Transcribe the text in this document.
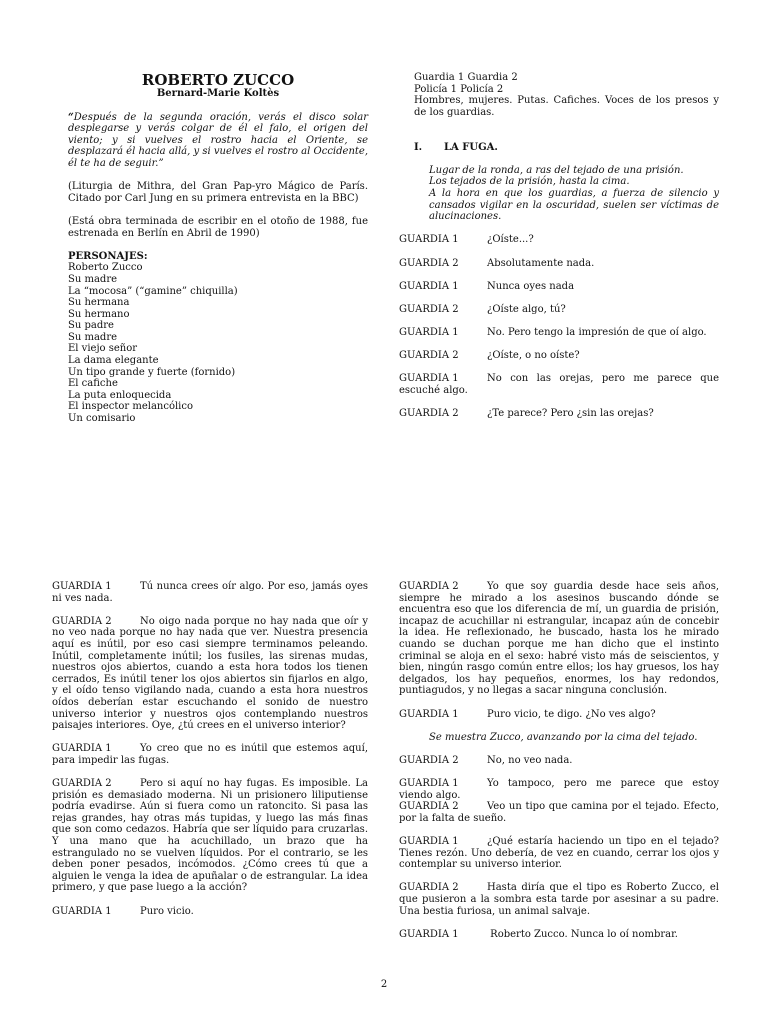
ROBERTO ZUCCO

Bernard-Marie Koltès

“Después de la segunda oración, verás el disco solar desplegarse y verás colgar de él el falo, el origen del viento; y si vuelves el rostro hacia el Oriente, se desplazará él hacia allá, y si vuelves el rostro al Occidente, él te ha de seguir.”

(Liturgia de Mithra, del Gran Pap-yro Mágico de París. Citado por Carl Jung en su primera entrevista en la BBC)

(Está obra terminada de escribir en el otoño de 1988, fue estrenada en Berlín en Abril de 1990)

PERSONAJES:

Roberto Zucco
Su madre
La “mocosa” (“gamine” chiquilla)
Su hermana
Su hermano
Su padre
Su madre
El viejo señor
La dama elegante
Un tipo grande y fuerte (fornido)
El cafiche
La puta enloquecida
El inspector melancólico
Un comisario
Guardia 1 Guardia 2
Policía 1 Policía 2
Hombres, mujeres. Putas. Cafiches. Voces de los presos y de los guardias.

I. LA FUGA.

Lugar de la ronda, a ras del tejado de una prisión.

Los tejados de la prisión, hasta la cima.

A la hora en que los guardias, a fuerza de silencio y cansados vigilar en la oscuridad, suelen ser víctimas de alucinaciones.

GUARDIA 1	¿Oíste...?

GUARDIA 2	Absolutamente nada.

GUARDIA 1	Nunca oyes nada

GUARDIA 2	¿Oíste algo, tú?

GUARDIA 1	No. Pero tengo la impresión de que oí algo.

GUARDIA 2	¿Oíste, o no oíste?

GUARDIA 1	No con las orejas, pero me parece que escuché algo.

GUARDIA 2	¿Te parece? Pero ¿sin las orejas?

GUARDIA 1	Tú nunca crees oír algo. Por eso, jamás oyes ni ves nada.

GUARDIA 2	No oigo nada porque no hay nada que oír y no veo nada porque no hay nada que ver. Nuestra presencia aquí es inútil, por eso casi siempre terminamos peleando. Inútil, completamente inútil; los fusiles, las sirenas mudas, nuestros ojos abiertos, cuando a esta hora todos los tienen cerrados, Es inútil tener los ojos abiertos sin fijarlos en algo, y el oído tenso vigilando nada, cuando a esta hora nuestros oídos deberían estar escuchando el sonido de nuestro universo interior y nuestros ojos contemplando nuestros paisajes interiores. Oye, ¿tú crees en el universo interior?

GUARDIA 1	Yo creo que no es inútil que estemos aquí, para impedir las fugas.

GUARDIA 2	Pero si aquí no hay fugas. Es imposible. La prisión es demasiado moderna. Ni un prisionero liliputiense podría evadirse. Aún si fuera como un ratoncito. Si pasa las rejas grandes, hay otras más tupidas, y luego las más finas que son como cedazos. Habría que ser líquido para cruzarlas. Y una mano que ha acuchillado, un brazo que ha estrangulado no se vuelven líquidos. Por el contrario, se les deben poner pesados, incómodos. ¿Cómo crees tú que a alguien le venga la idea de apuñalar o de estrangular. La idea primero, y que pase luego a la acción?

GUARDIA 1	Puro vicio.

GUARDIA 2	Yo que soy guardia desde hace seis años, siempre he mirado a los asesinos buscando dónde se encuentra eso que los diferencia de mí, un guardia de prisión, incapaz de acuchillar ni estrangular, incapaz aún de concebir la idea. He reflexionado, he buscado, hasta los he mirado cuando se duchan porque me han dicho que el instinto criminal se aloja en el sexo: habré visto más de seiscientos, y bien, ningún rasgo común entre ellos; los hay gruesos, los hay delgados, los hay pequeños, enormes, los hay redondos, puntiagudos, y no llegas a sacar ninguna conclusión.

GUARDIA 1	Puro vicio, te digo. ¿No ves algo?

Se muestra Zucco, avanzando por la cima del tejado.

GUARDIA 2	No, no veo nada.

GUARDIA 1	Yo tampoco, pero me parece que estoy viendo algo.

GUARDIA 2	Veo un tipo que camina por el tejado. Efecto, por la falta de sueño.

GUARDIA 1	¿Qué estaría haciendo un tipo en el tejado? Tienes rezón. Uno debería, de vez en cuando, cerrar los ojos y contemplar su universo interior.

GUARDIA 2	Hasta diría que el tipo es Roberto Zucco, el que pusieron a la sombra esta tarde por asesinar a su padre. Una bestia furiosa, un animal salvaje.

GUARDIA 1	Roberto Zucco. Nunca lo oí nombrar.

2
